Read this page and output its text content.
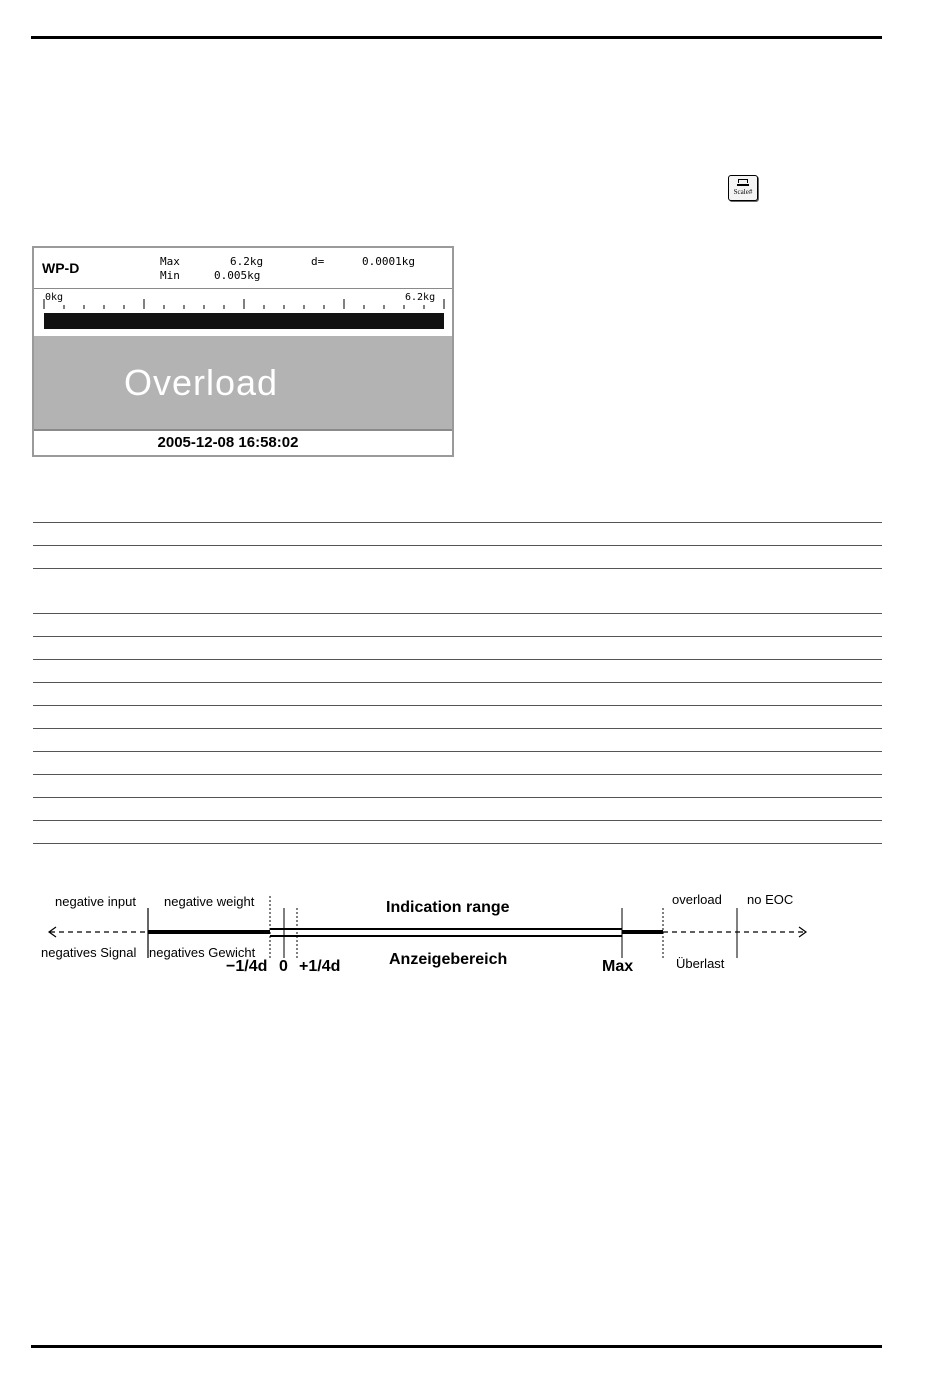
Scale#
WP-D	Max	6.2kg
Min	0.005kg
d=	0.0001kg
0kg	6.2kg
Overload
2005-12-08 16:58:02
negative input negative weight	Indication range	overload no EOC
negatives Signal negatives Gewicht
−1/4d 0 +1/4d	Anzeigebereich	Max	Überlast
